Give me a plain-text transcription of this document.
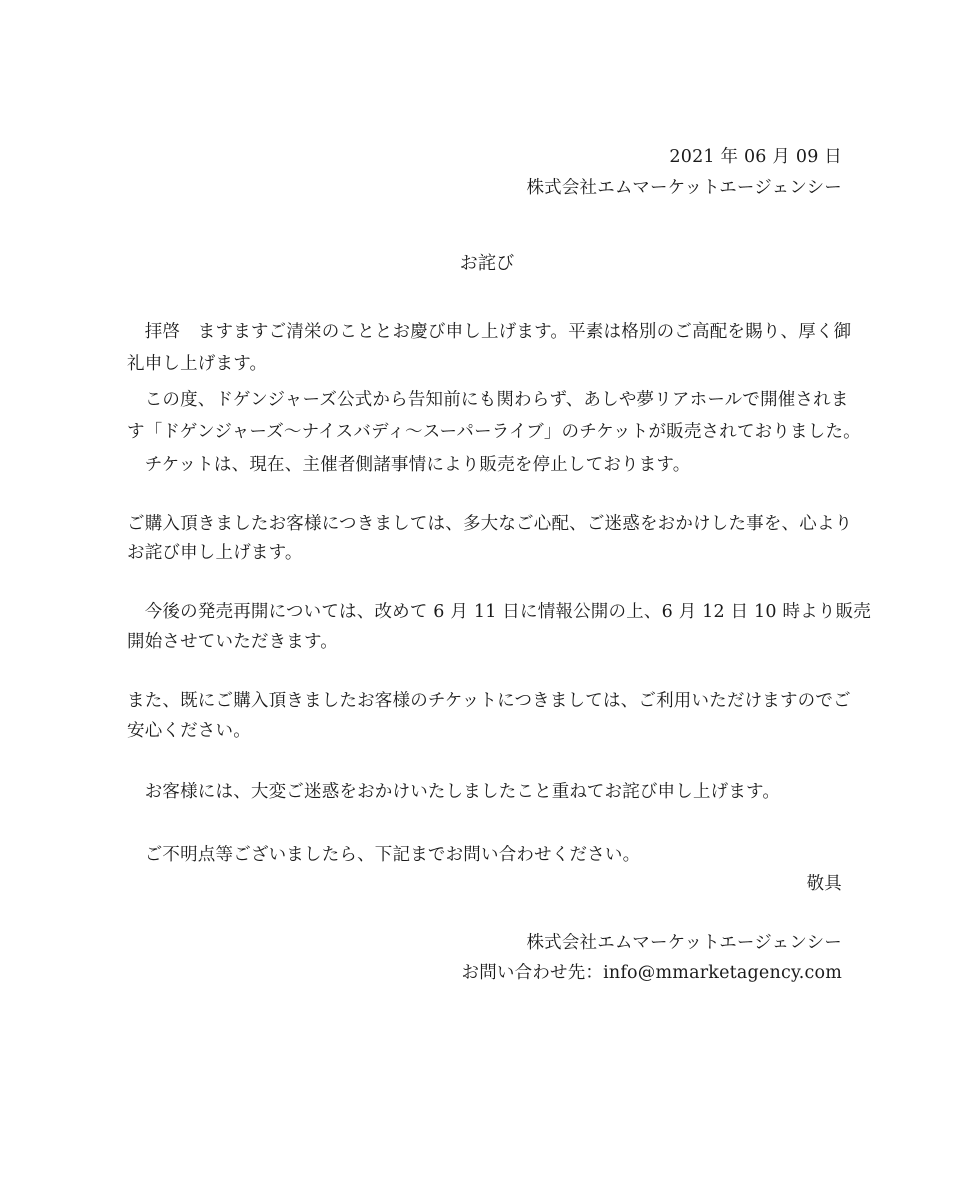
2021 年 06 月 09 日
株式会社エムマーケットエージェンシー
お詫び
　拝啓　ますますご清栄のこととお慶び申し上げます。平素は格別のご高配を賜り、厚く御
礼申し上げます。
　この度、ドゲンジャーズ公式から告知前にも関わらず、あしや夢リアホールで開催されま
す「ドゲンジャーズ〜ナイスバディ〜スーパーライブ」のチケットが販売されておりました。
　チケットは、現在、主催者側諸事情により販売を停止しております。
ご購入頂きましたお客様につきましては、多大なご心配、ご迷惑をおかけした事を、心より
お詫び申し上げます。
　今後の発売再開については、改めて 6 月 11 日に情報公開の上、6 月 12 日 10 時より販売
開始させていただきます。
また、既にご購入頂きましたお客様のチケットにつきましては、ご利用いただけますのでご
安心ください。
　お客様には、大変ご迷惑をおかけいたしましたこと重ねてお詫び申し上げます。
　ご不明点等ございましたら、下記までお問い合わせください。
敬具
株式会社エムマーケットエージェンシー
お問い合わせ先：info@mmarketagency.com
